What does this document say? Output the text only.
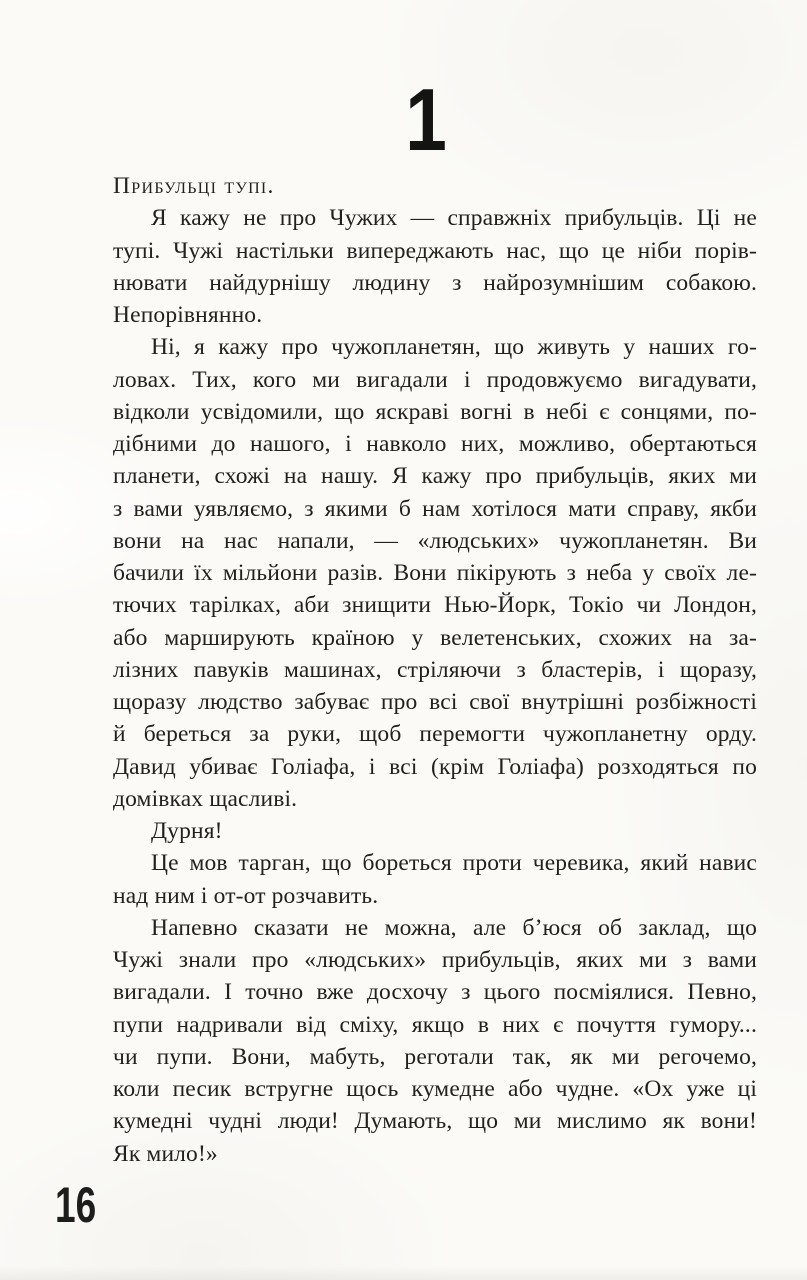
1
Прибульці тупі.
Я кажу не про Чужих — справжніх прибульців. Ці не
тупі. Чужі настільки випереджають нас, що це ніби порів-
нювати найдурнішу людину з найрозумнішим собакою.
Непорівнянно.
Ні, я кажу про чужопланетян, що живуть у наших го-
ловах. Тих, кого ми вигадали і продовжуємо вигадувати,
відколи усвідомили, що яскраві вогні в небі є сонцями, по-
дібними до нашого, і навколо них, можливо, обертаються
планети, схожі на нашу. Я кажу про прибульців, яких ми
з вами уявляємо, з якими б нам хотілося мати справу, якби
вони на нас напали, — «людських» чужопланетян. Ви
бачили їх мільйони разів. Вони пікірують з неба у своїх ле-
тючих тарілках, аби знищити Нью-Йорк, Токіо чи Лондон,
або марширують країною у велетенських, схожих на за-
лізних павуків машинах, стріляючи з бластерів, і щоразу,
щоразу людство забуває про всі свої внутрішні розбіжності
й береться за руки, щоб перемогти чужопланетну орду.
Давид убиває Голіафа, і всі (крім Голіафа) розходяться по
домівках щасливі.
Дурня!
Це мов тарган, що бореться проти черевика, який навис
над ним і от-от розчавить.
Напевно сказати не можна, але б’юся об заклад, що
Чужі знали про «людських» прибульців, яких ми з вами
вигадали. І точно вже досхочу з цього посміялися. Певно,
пупи надривали від сміху, якщо в них є почуття гумору...
чи пупи. Вони, мабуть, реготали так, як ми регочемо,
коли песик встругне щось кумедне або чудне. «Ох уже ці
кумедні чудні люди! Думають, що ми мислимо як вони!
Як мило!»
16
